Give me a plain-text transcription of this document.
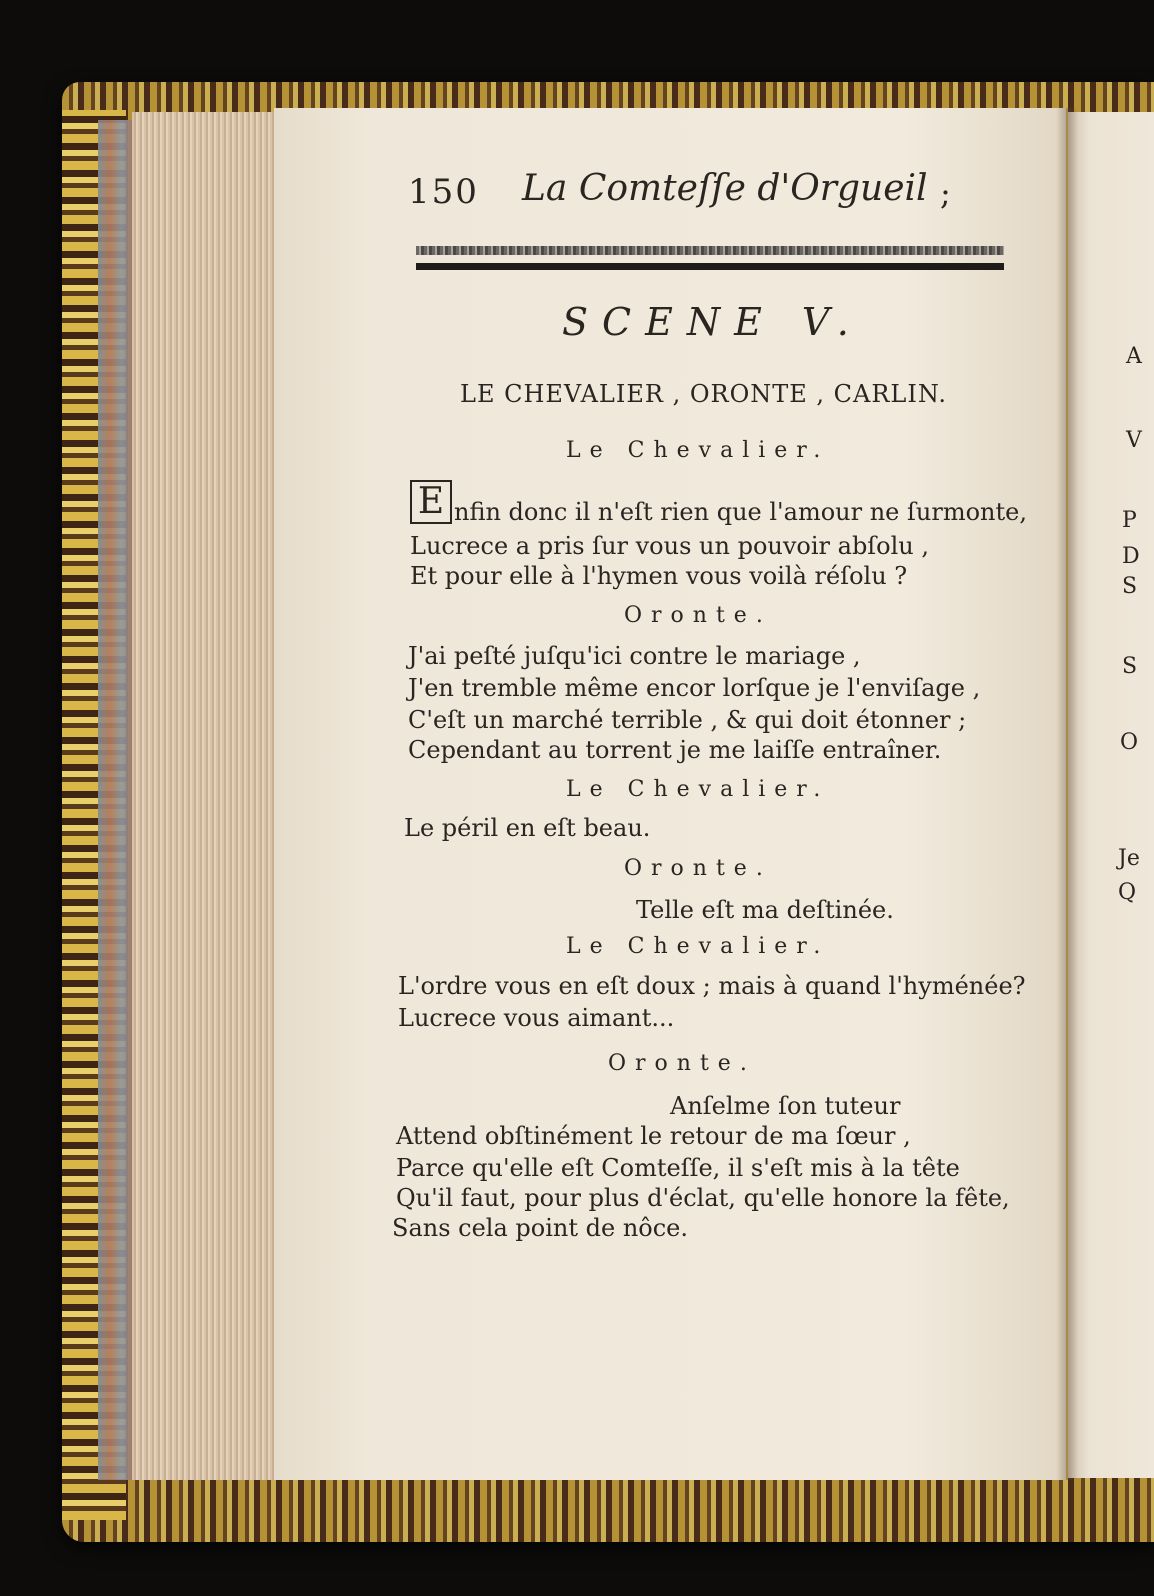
A
V
P
D
S
S
O
Je
Q
150 La Comteſſe d'Orgueil ;
SCENE V.
LE CHEVALIER , ORONTE , CARLIN.
Le Chevalier.
E nfin donc il n'eſt rien que l'amour ne ſurmonte,
Lucrece a pris ſur vous un pouvoir abſolu ,
Et pour elle à l'hymen vous voilà réſolu ?
Oronte.
J'ai peſté juſqu'ici contre le mariage ,
J'en tremble même encor lorſque je l'enviſage ,
C'eſt un marché terrible , & qui doit étonner ;
Cependant au torrent je me laiſſe entraîner.
Le Chevalier.
Le péril en eſt beau.
Oronte.
Telle eſt ma deſtinée.
Le Chevalier.
L'ordre vous en eſt doux ; mais à quand l'hyménée?
Lucrece vous aimant...
Oronte.
Anſelme ſon tuteur
Attend obſtinément le retour de ma ſœur ,
Parce qu'elle eſt Comteſſe, il s'eſt mis à la tête
Qu'il faut, pour plus d'éclat, qu'elle honore la fête,
Sans cela point de nôce.
